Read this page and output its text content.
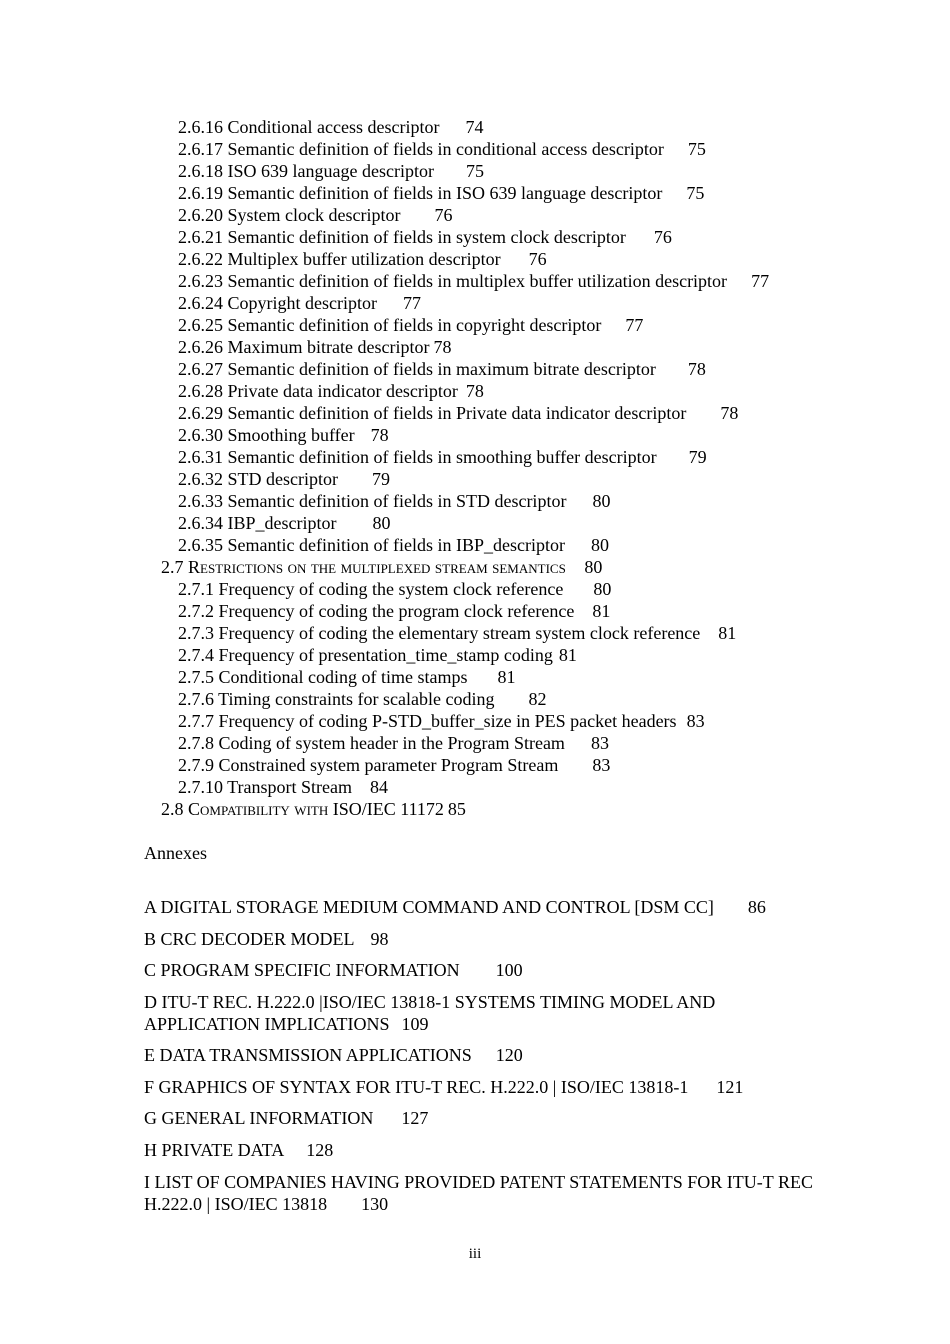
2.6.16 Conditional access descriptor 74
2.6.17 Semantic definition of fields in conditional access descriptor 75
2.6.18 ISO 639 language descriptor 75
2.6.19 Semantic definition of fields in ISO 639 language descriptor 75
2.6.20 System clock descriptor 76
2.6.21 Semantic definition of fields in system clock descriptor 76
2.6.22 Multiplex buffer utilization descriptor 76
2.6.23 Semantic definition of fields in multiplex buffer utilization descriptor 77
2.6.24 Copyright descriptor 77
2.6.25 Semantic definition of fields in copyright descriptor 77
2.6.26 Maximum bitrate descriptor 78
2.6.27 Semantic definition of fields in maximum bitrate descriptor 78
2.6.28 Private data indicator descriptor 78
2.6.29 Semantic definition of fields in Private data indicator descriptor 78
2.6.30 Smoothing buffer 78
2.6.31 Semantic definition of fields in smoothing buffer descriptor 79
2.6.32 STD descriptor 79
2.6.33 Semantic definition of fields in STD descriptor 80
2.6.34 IBP_descriptor 80
2.6.35 Semantic definition of fields in IBP_descriptor 80
2.7 Restrictions on the multiplexed stream semantics 80
2.7.1 Frequency of coding the system clock reference 80
2.7.2 Frequency of coding the program clock reference 81
2.7.3 Frequency of coding the elementary stream system clock reference 81
2.7.4 Frequency of presentation_time_stamp coding 81
2.7.5 Conditional coding of time stamps 81
2.7.6 Timing constraints for scalable coding 82
2.7.7 Frequency of coding P-STD_buffer_size in PES packet headers 83
2.7.8 Coding of system header in the Program Stream 83
2.7.9 Constrained system parameter Program Stream 83
2.7.10 Transport Stream 84
2.8 Compatibility with ISO/IEC 11172 85
Annexes
A DIGITAL STORAGE MEDIUM COMMAND AND CONTROL [DSM CC] 86
B CRC DECODER MODEL 98
C PROGRAM SPECIFIC INFORMATION 100
D ITU-T REC. H.222.0 |ISO/IEC 13818-1 SYSTEMS TIMING MODEL AND APPLICATION IMPLICATIONS 109
E DATA TRANSMISSION APPLICATIONS 120
F GRAPHICS OF SYNTAX FOR ITU-T REC. H.222.0 | ISO/IEC 13818-1 121
G GENERAL INFORMATION 127
H PRIVATE DATA 128
I LIST OF COMPANIES HAVING PROVIDED PATENT STATEMENTS FOR ITU-T REC H.222.0 | ISO/IEC 13818 130
iii
